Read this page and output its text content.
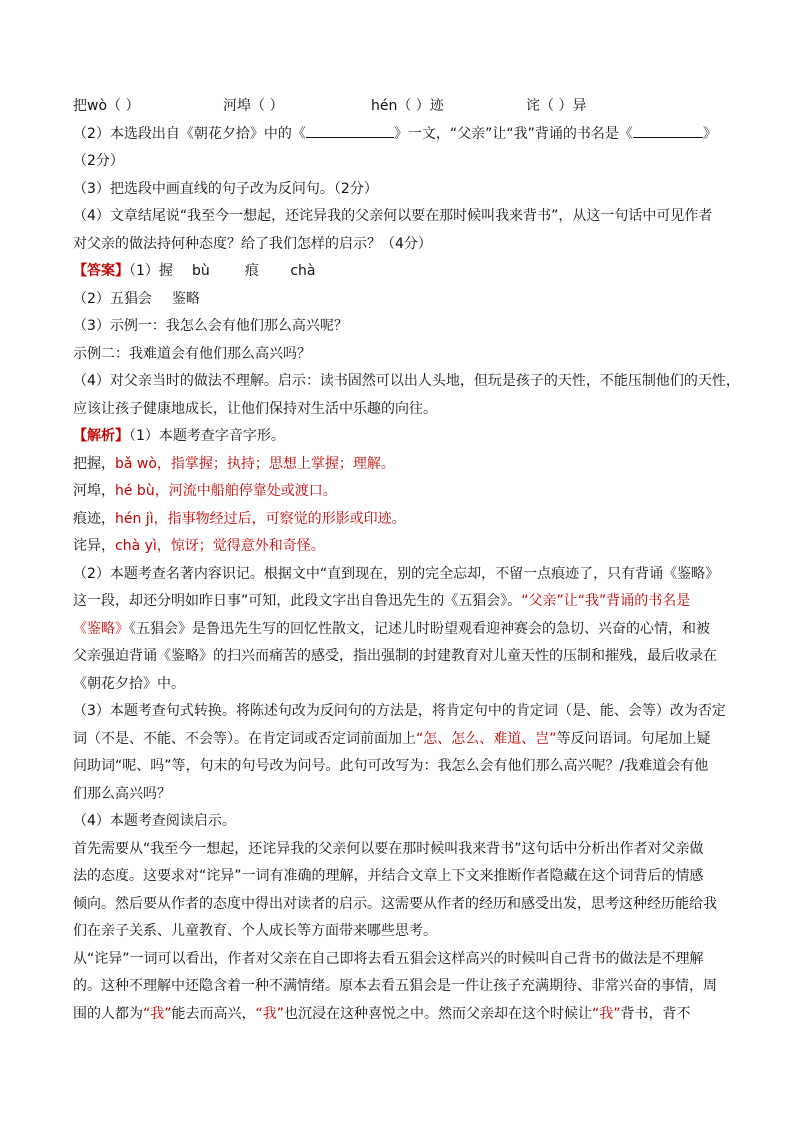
把wò（ ）	河埠（ ）	hén（ ）迹	诧（ ）异
（2）本选段出自《朝花夕拾》中的《	》一文，“父亲”让“我”背诵的书名是《	》
（2分）
（3）把选段中画直线的句子改为反问句。（2分）
（4）文章结尾说“我至今一想起，还诧异我的父亲何以要在那时候叫我来背书”，从这一句话中可见作者
对父亲的做法持何种态度？给了我们怎样的启示？（4分）
【答案】（1）握 bù	痕 chà
（2）五猖会 鉴略
（3）示例一：我怎么会有他们那么高兴呢？
示例二：我难道会有他们那么高兴吗？
（4）对父亲当时的做法不理解。启示：读书固然可以出人头地，但玩是孩子的天性，不能压制他们的天性，
应该让孩子健康地成长，让他们保持对生活中乐趣的向往。
【解析】（1）本题考查字音字形。
把握，bǎ wò，指掌握；执持；思想上掌握；理解。
河埠，hé bù，河流中船舶停靠处或渡口。
痕迹，hén jì，指事物经过后，可察觉的形影或印迹。
诧异，chà yì，惊讶；觉得意外和奇怪。
（2）本题考查名著内容识记。根据文中“直到现在，别的完全忘却，不留一点痕迹了，只有背诵《鉴略》
这一段，却还分明如昨日事”可知，此段文字出自鲁迅先生的《五猖会》。“父亲”让“我”背诵的书名是
《鉴略》《五猖会》是鲁迅先生写的回忆性散文，记述儿时盼望观看迎神赛会的急切、兴奋的心情，和被
父亲强迫背诵《鉴略》的扫兴而痛苦的感受，指出强制的封建教育对儿童天性的压制和摧残，最后收录在
《朝花夕拾》中。
（3）本题考查句式转换。将陈述句改为反问句的方法是，将肯定句中的肯定词（是、能、会等）改为否定
词（不是、不能、不会等）。在肯定词或否定词前面加上“怎、怎么、难道、岂”等反问语词。句尾加上疑
问助词“呢、吗”等，句末的句号改为问号。此句可改写为：我怎么会有他们那么高兴呢？/我难道会有他
们那么高兴吗？
（4）本题考查阅读启示。
首先需要从“我至今一想起，还诧异我的父亲何以要在那时候叫我来背书”这句话中分析出作者对父亲做
法的态度。这要求对“诧异”一词有准确的理解，并结合文章上下文来推断作者隐藏在这个词背后的情感
倾向。然后要从作者的态度中得出对读者的启示。这需要从作者的经历和感受出发，思考这种经历能给我
们在亲子关系、儿童教育、个人成长等方面带来哪些思考。
从“诧异”一词可以看出，作者对父亲在自己即将去看五猖会这样高兴的时候叫自己背书的做法是不理解
的。这种不理解中还隐含着一种不满情绪。原本去看五猖会是一件让孩子充满期待、非常兴奋的事情，周
围的人都为“我”能去而高兴，“我”也沉浸在这种喜悦之中。然而父亲却在这个时候让“我”背书，背不
